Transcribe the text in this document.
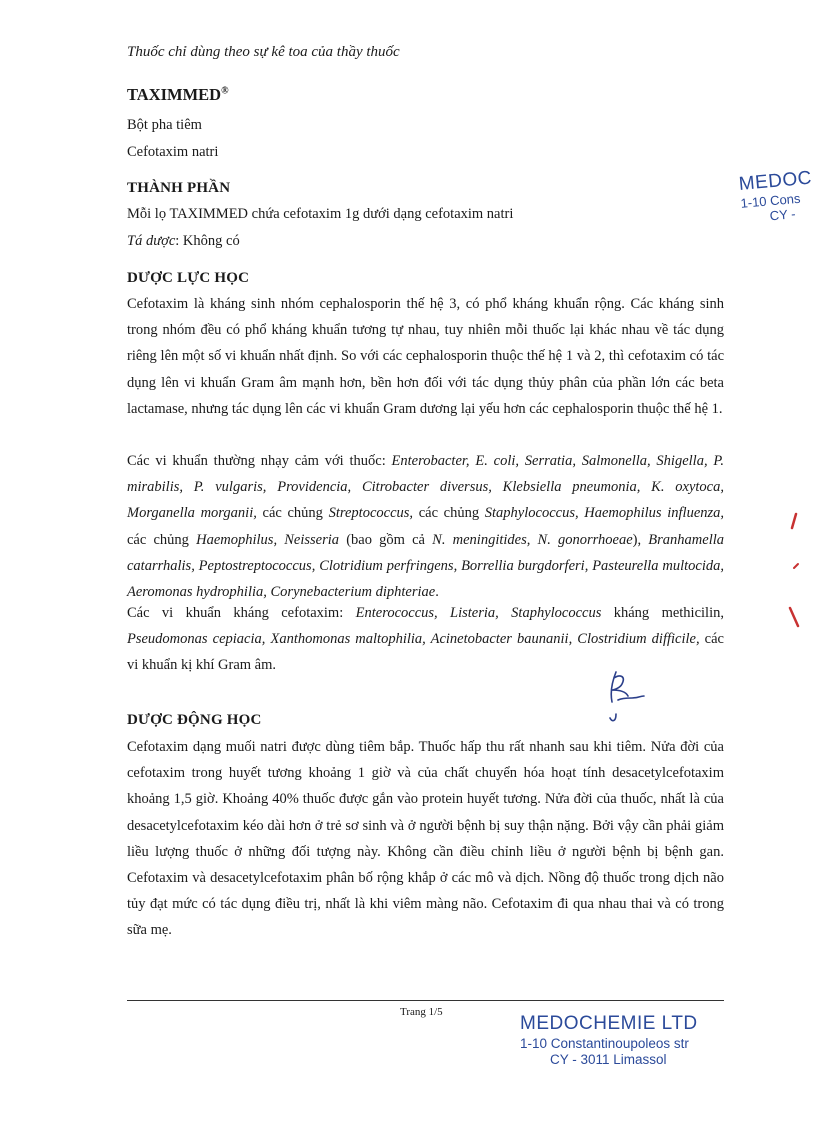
Thuốc chỉ dùng theo sự kê toa của thầy thuốc

TAXIMMED®

Bột pha tiêm

Cefotaxim natri

THÀNH PHẦN

Mỗi lọ TAXIMMED chứa cefotaxim 1g dưới dạng cefotaxim natri

Tá dược: Không có

DƯỢC LỰC HỌC

Cefotaxim là kháng sinh nhóm cephalosporin thế hệ 3, có phổ kháng khuẩn rộng. Các kháng sinh trong nhóm đều có phổ kháng khuẩn tương tự nhau, tuy nhiên mỗi thuốc lại khác nhau về tác dụng riêng lên một số vi khuẩn nhất định. So với các cephalosporin thuộc thế hệ 1 và 2, thì cefotaxim có tác dụng lên vi khuẩn Gram âm mạnh hơn, bền hơn đối với tác dụng thủy phân của phần lớn các beta lactamase, nhưng tác dụng lên các vi khuẩn Gram dương lại yếu hơn các cephalosporin thuộc thế hệ 1.

Các vi khuẩn thường nhạy cảm với thuốc: Enterobacter, E. coli, Serratia, Salmonella, Shigella, P. mirabilis, P. vulgaris, Providencia, Citrobacter diversus, Klebsiella pneumonia, K. oxytoca, Morganella morganii, các chủng Streptococcus, các chủng Staphylococcus, Haemophilus influenza, các chủng Haemophilus, Neisseria (bao gồm cả N. meningitides, N. gonorrhoeae), Branhamella catarrhalis, Peptostreptococcus, Clotridium perfringens, Borrellia burgdorferi, Pasteurella multocida, Aeromonas hydrophilia, Corynebacterium diphteriae.

Các vi khuẩn kháng cefotaxim: Enterococcus, Listeria, Staphylococcus kháng methicilin, Pseudomonas cepiacia, Xanthomonas maltophilia, Acinetobacter baunanii, Clostridium difficile, các vi khuẩn kị khí Gram âm.

DƯỢC ĐỘNG HỌC

Cefotaxim dạng muối natri được dùng tiêm bắp. Thuốc hấp thu rất nhanh sau khi tiêm. Nửa đời của cefotaxim trong huyết tương khoảng 1 giờ và của chất chuyển hóa hoạt tính desacetylcefotaxim khoảng 1,5 giờ. Khoảng 40% thuốc được gắn vào protein huyết tương. Nửa đời của thuốc, nhất là của desacetylcefotaxim kéo dài hơn ở trẻ sơ sinh và ở người bệnh bị suy thận nặng. Bởi vậy cần phải giảm liều lượng thuốc ở những đối tượng này. Không cần điều chỉnh liều ở người bệnh bị bệnh gan. Cefotaxim và desacetylcefotaxim phân bố rộng khắp ở các mô và dịch. Nồng độ thuốc trong dịch não tủy đạt mức có tác dụng điều trị, nhất là khi viêm màng não. Cefotaxim đi qua nhau thai và có trong sữa mẹ.

Trang 1/5

MEDOCHEMIE LTD
1-10 Constantinoupoleos str
CY - 3011 Limassol
MEDOC
1-10 Cons
CY -
